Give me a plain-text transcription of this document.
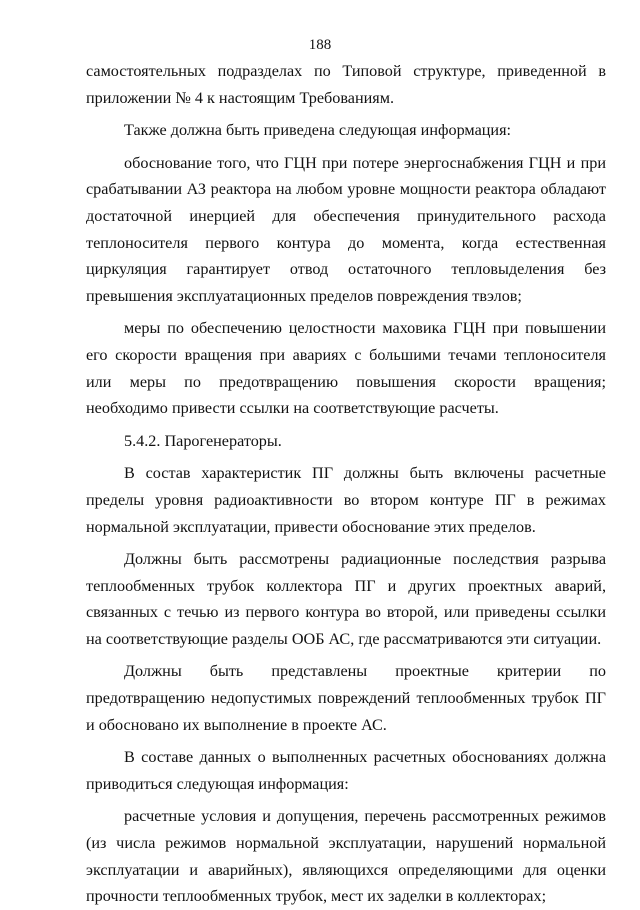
188

самостоятельных подразделах по Типовой структуре, приведенной в приложении № 4 к настоящим Требованиям.

Также должна быть приведена следующая информация:

обоснование того, что ГЦН при потере энергоснабжения ГЦН и при срабатывании АЗ реактора на любом уровне мощности реактора обладают достаточной инерцией для обеспечения принудительного расхода теплоносителя первого контура до момента, когда естественная циркуляция гарантирует отвод остаточного тепловыделения без превышения эксплуатационных пределов повреждения твэлов;

меры по обеспечению целостности маховика ГЦН при повышении его скорости вращения при авариях с большими течами теплоносителя или меры по предотвращению повышения скорости вращения; необходимо привести ссылки на соответствующие расчеты.

5.4.2. Парогенераторы.

В состав характеристик ПГ должны быть включены расчетные пределы уровня радиоактивности во втором контуре ПГ в режимах нормальной эксплуатации, привести обоснование этих пределов.

Должны быть рассмотрены радиационные последствия разрыва теплообменных трубок коллектора ПГ и других проектных аварий, связанных с течью из первого контура во второй, или приведены ссылки на соответствующие разделы ООБ АС, где рассматриваются эти ситуации.

Должны быть представлены проектные критерии по предотвращению недопустимых повреждений теплообменных трубок ПГ и обосновано их выполнение в проекте АС.

В составе данных о выполненных расчетных обоснованиях должна приводиться следующая информация:

расчетные условия и допущения, перечень рассмотренных режимов (из числа режимов нормальной эксплуатации, нарушений нормальной эксплуатации и аварийных), являющихся определяющими для оценки прочности теплообменных трубок, мест их заделки в коллекторах;
